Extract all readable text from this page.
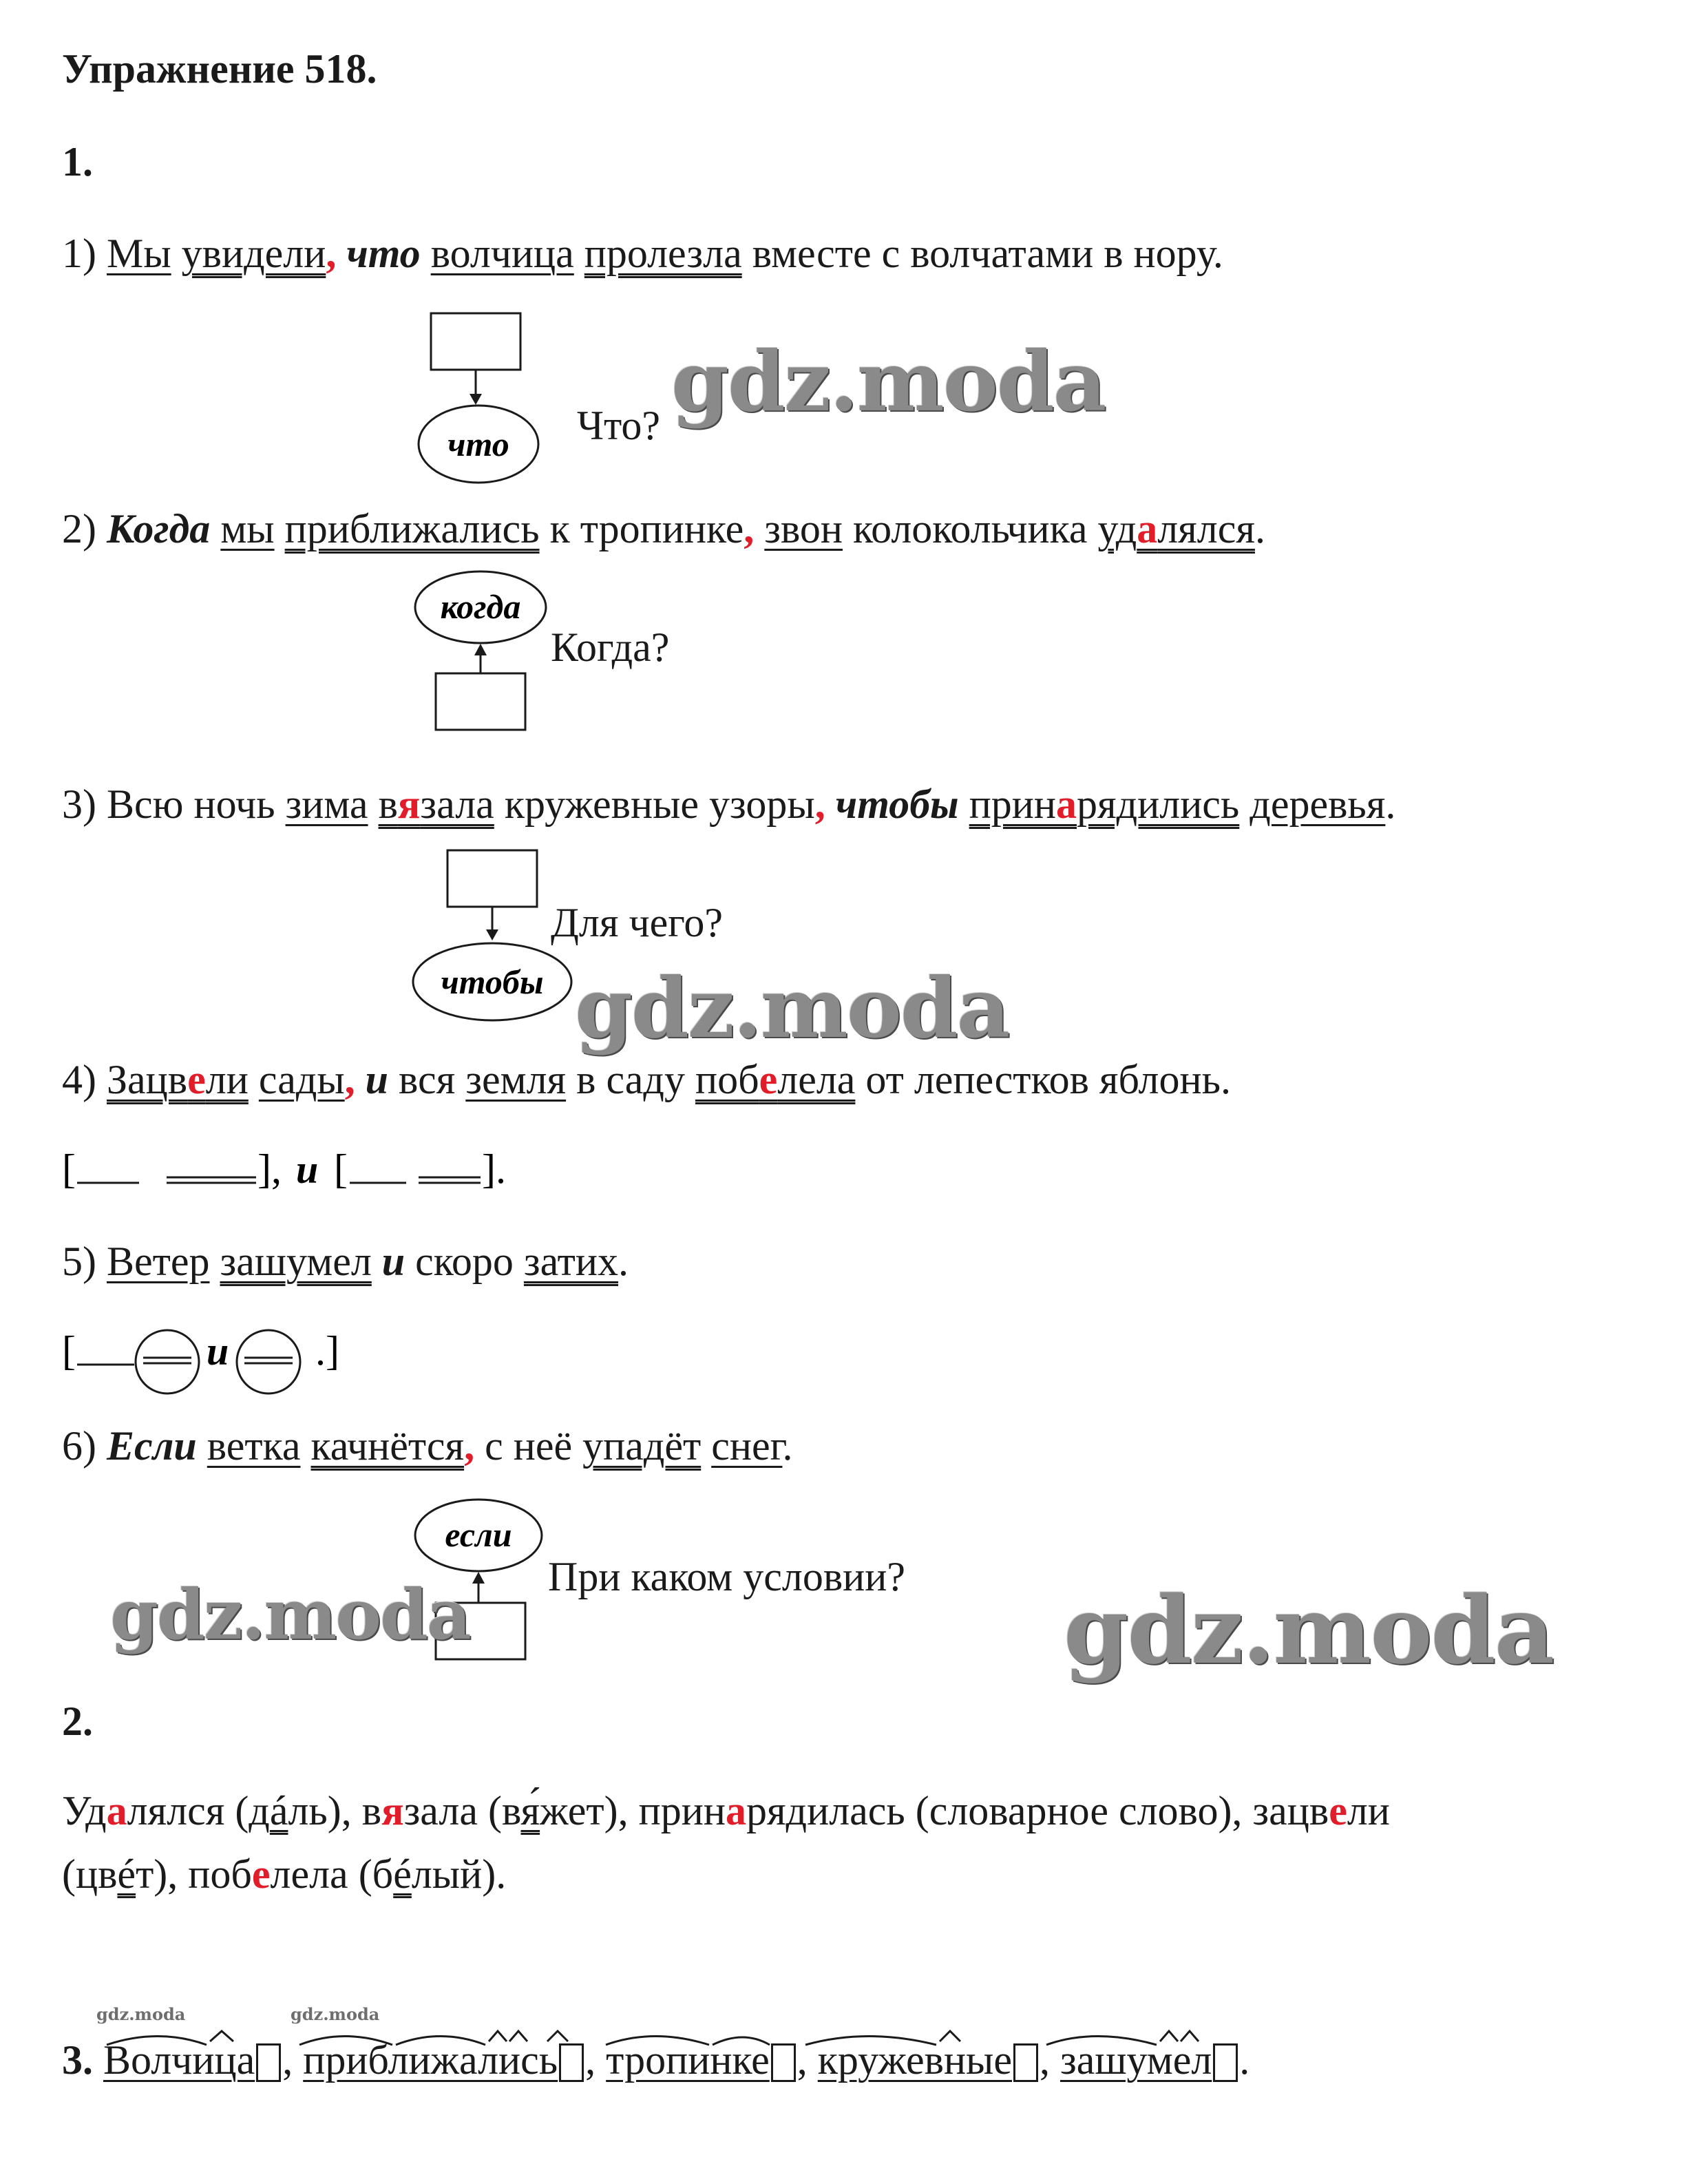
Упражнение 518.
1.
1) Мы увидели, что волчица пролезла вместе с волчатами в нору.
что Что? gdz.moda
2) Когда мы приближались к тропинке, звон колокольчика удалялся.
когда
Когда?
3) Всю ночь зима вязала кружевные узоры, чтобы принарядились деревья.
чтобы
Для чего?
gdz.moda
4) Зацвели сады, и вся земля в саду побелела от лепестков яблонь.
[	], и [	].
5) Ветер зашумел и скоро затих.
[	и .]
6) Если ветка качнётся, с неё упадёт снег.
если
При каком условии?
gdz.moda	gdz.moda
2.
Удалялся (дáль), вязала (вя́жет), принарядилась (словарное слово), зацвели
(цвéт), побелела (бéлый).
gdz.moda	gdz.moda
3. Волчица , приближались , тропинке , кружевные , зашумел .
